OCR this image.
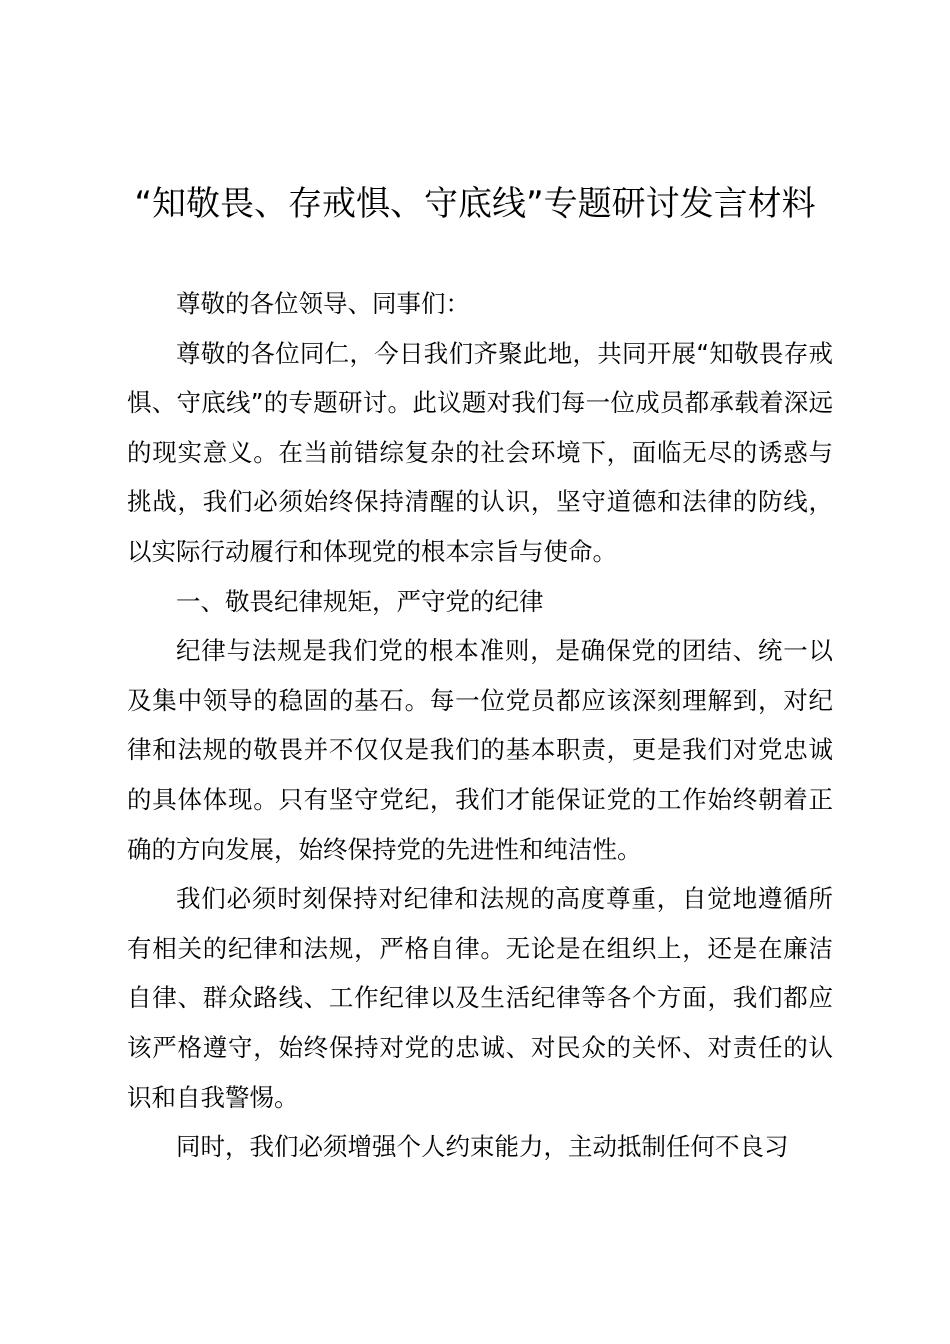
“知敬畏、存戒惧、守底线”专题研讨发言材料

尊敬的各位领导、同事们：

尊敬的各位同仁，今日我们齐聚此地，共同开展“知敬畏存戒惧、守底线”的专题研讨。此议题对我们每一位成员都承载着深远的现实意义。在当前错综复杂的社会环境下，面临无尽的诱惑与挑战，我们必须始终保持清醒的认识，坚守道德和法律的防线，以实际行动履行和体现党的根本宗旨与使命。

一、敬畏纪律规矩，严守党的纪律

纪律与法规是我们党的根本准则，是确保党的团结、统一以及集中领导的稳固的基石。每一位党员都应该深刻理解到，对纪律和法规的敬畏并不仅仅是我们的基本职责，更是我们对党忠诚的具体体现。只有坚守党纪，我们才能保证党的工作始终朝着正确的方向发展，始终保持党的先进性和纯洁性。

我们必须时刻保持对纪律和法规的高度尊重，自觉地遵循所有相关的纪律和法规，严格自律。无论是在组织上，还是在廉洁自律、群众路线、工作纪律以及生活纪律等各个方面，我们都应该严格遵守，始终保持对党的忠诚、对民众的关怀、对责任的认识和自我警惕。

同时，我们必须增强个人约束能力，主动抵制任何不良习
